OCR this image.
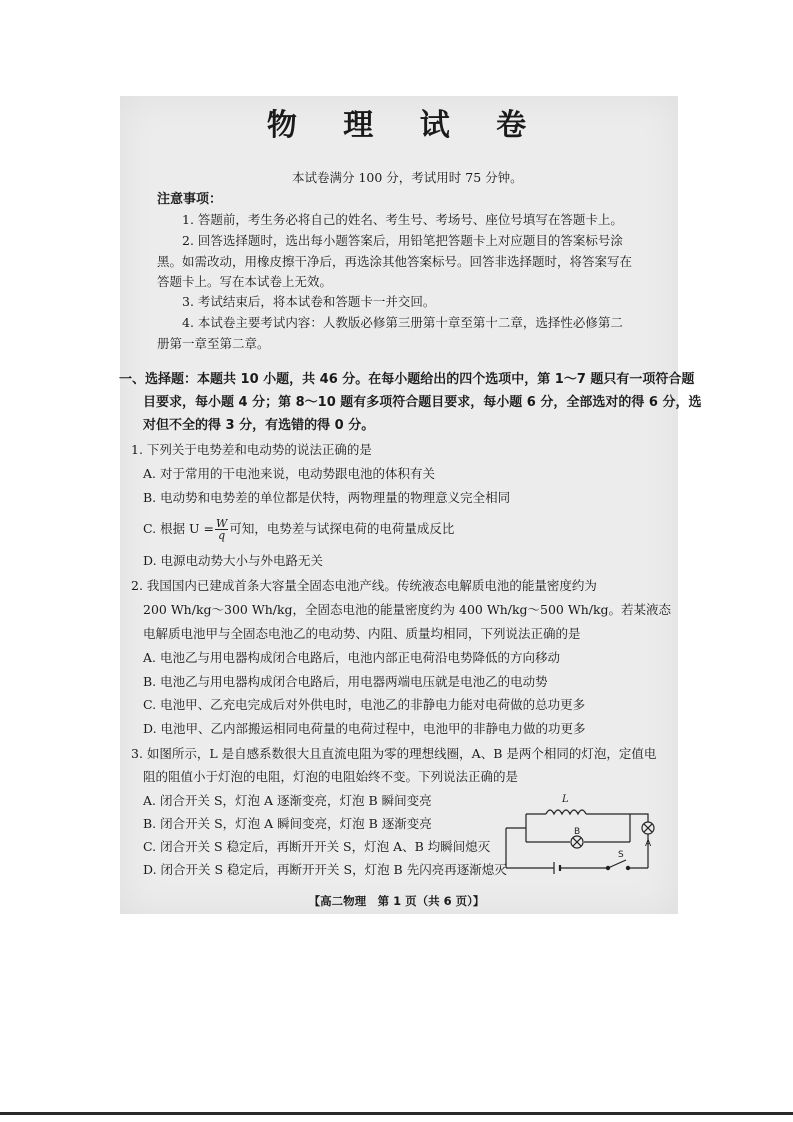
物 理 试 卷
本试卷满分 100 分，考试用时 75 分钟。
注意事项：
1. 答题前，考生务必将自己的姓名、考生号、考场号、座位号填写在答题卡上。
2. 回答选择题时，选出每小题答案后，用铅笔把答题卡上对应题目的答案标号涂
黑。如需改动，用橡皮擦干净后，再选涂其他答案标号。回答非选择题时，将答案写在
答题卡上。写在本试卷上无效。
3. 考试结束后，将本试卷和答题卡一并交回。
4. 本试卷主要考试内容：人教版必修第三册第十章至第十二章，选择性必修第二
册第一章至第二章。
一、选择题：本题共 10 小题，共 46 分。在每小题给出的四个选项中，第 1～7 题只有一项符合题
目要求，每小题 4 分；第 8～10 题有多项符合题目要求，每小题 6 分，全部选对的得 6 分，选
对但不全的得 3 分，有选错的得 0 分。
1. 下列关于电势差和电动势的说法正确的是
A. 对于常用的干电池来说，电动势跟电池的体积有关
B. 电动势和电势差的单位都是伏特，两物理量的物理意义完全相同
C. 根据 $U = \frac{W}{q}$ 可知，电势差与试探电荷的电荷量成反比
D. 电源电动势大小与外电路无关
2. 我国国内已建成首条大容量全固态电池产线。传统液态电解质电池的能量密度约为
200 Wh/kg～300 Wh/kg，全固态电池的能量密度约为 400 Wh/kg～500 Wh/kg。若某液态
电解质电池甲与全固态电池乙的电动势、内阻、质量均相同，下列说法正确的是
A. 电池乙与用电器构成闭合电路后，电池内部正电荷沿电势降低的方向移动
B. 电池乙与用电器构成闭合电路后，用电器两端电压就是电池乙的电动势
C. 电池甲、乙充电完成后对外供电时，电池乙的非静电力能对电荷做的总功更多
D. 电池甲、乙内部搬运相同电荷量的电荷过程中，电池甲的非静电力做的功更多
3. 如图所示，L 是自感系数很大且直流电阻为零的理想线圈，A、B 是两个相同的灯泡，定值电
阻的阻值小于灯泡的电阻，灯泡的电阻始终不变。下列说法正确的是
A. 闭合开关 S，灯泡 A 逐渐变亮，灯泡 B 瞬间变亮
B. 闭合开关 S，灯泡 A 瞬间变亮，灯泡 B 逐渐变亮
C. 闭合开关 S 稳定后，再断开开关 S，灯泡 A、B 均瞬间熄灭
D. 闭合开关 S 稳定后，再断开开关 S，灯泡 B 先闪亮再逐渐熄灭
L
B
A
S
【高二物理　第 1 页（共 6 页）】
